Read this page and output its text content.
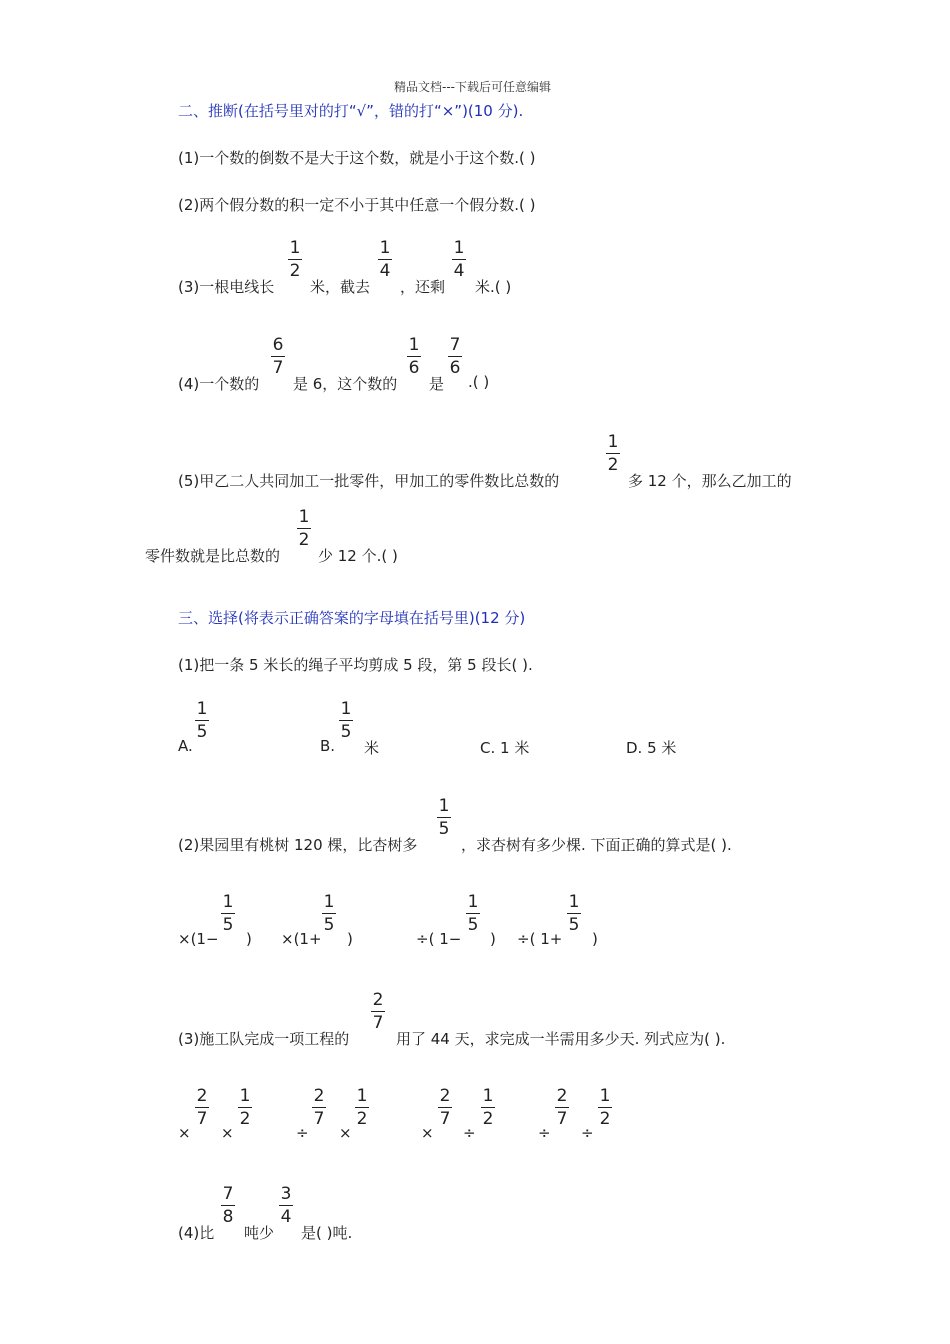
精品文档---下载后可任意编辑
二、推断(在括号里对的打“√”，错的打“×”)(10 分).
(1)一个数的倒数不是大于这个数，就是小于这个数.( )
(2)两个假分数的积一定不小于其中任意一个假分数.( )
(3)一根电线长
1
2
米，截去
1
4
，还剩
1
4
米.( )
(4)一个数的
6
7
是 6，这个数的
1
6
是
7
6
.( )
(5)甲乙二人共同加工一批零件，甲加工的零件数比总数的
1
2
多 12 个，那么乙加工的
零件数就是比总数的
1
2
少 12 个.( )
三、选择(将表示正确答案的字母填在括号里)(12 分)
(1)把一条 5 米长的绳子平均剪成 5 段，第 5 段长( ).
A.
1
5
B.
1
5
米	C. 1 米	D. 5 米
(2)果园里有桃树 120 棵，比杏树多
1
5
，求杏树有多少棵. 下面正确的算式是( ).
×(1−
1
5
) ×(1+
1
5
)	÷( 1−
1
5
) ÷( 1+
1
5
)
(3)施工队完成一项工程的
2
7
用了 44 天，求完成一半需用多少天. 列式应为( ).
×
2
7
×
1
2
÷
2
7
×
1
2
×
2
7
÷
1
2
÷
2
7
÷
1
2
(4)比
7
8
吨少
3
4
是( )吨.
